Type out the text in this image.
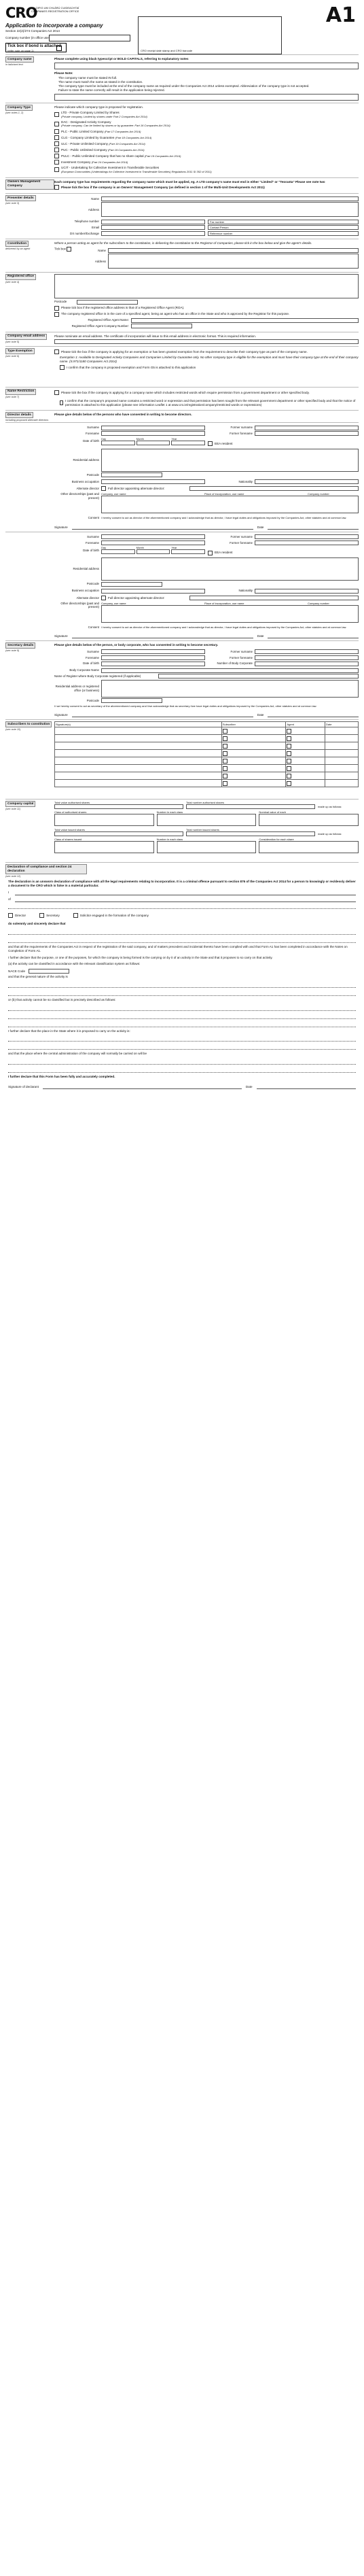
CRO
AN OIFIG UM CHLÁRÚ CUIDEACHTAÍ
COMPANIES REGISTRATION OFFICE	A1
Application to incorporate a company
Section 22(2)/274 Companies Act 2014
Company number (in office use)
Tick box if bond is attached
(refer note on page 1)	CRO receipt date stamp and CRO barcode
Company name
in italicised text

Please complete using black typescript or BOLD CAPITALS, referring to explanatory notes

Please Note:

The company name must be stated IN full.
The name must match the name as stated in the constitution.
The company type must be included at the end of the company name as required under the Companies Act 2014 unless exempted. Abbreviation of the company type is not accepted.
Failure to state the name correctly will result in the application being rejected.
Company Type
(see notes 1, 2)

Please indicate which company type is proposed for registration.

LTD - Private Company Limited by Shares
(Private company, Limited by shares under Part 2 Companies Act 2014)
DAC - Designated Activity Company
(Private company. Can be limited by shares or by guarantee: Part 16 Companies Act 2014)
PLC - Public Limited Company
(Part 17 Companies Act 2014)
CLG - Company Limited by Guarantee
(Part 18 Companies Act 2014)
ULC - Private Unlimited Company
(Part 19 Companies Act 2014)
PUC - Public Unlimited Company
(Part 19 Companies Act 2014)
PULC - Public Unlimited Company that has no share capital
(Part 19 Companies Act 2014)
Investment Company
(Part 24 Companies Act 2014)
UCIT - Undertaking for Collective Investment in Transferable Securities
(European Communities (Undertakings for Collective Investment in Transferable Securities) Regulations 2011 SI 352 of 2011)
Owners Management Company

Each company type has requirements regarding the company name which must be applied, eg. A LTD company's name must end in either "Limited" or "Teoranta" Please see note two

Please tick the box if the company is an Owners' Management Company (as defined in section 1 of the Multi-Unit Developments Act 2011)
Presenter details
(see note 3)
Name
Address
Telephone number
Email
DX number/Exchange
Fax number
Contact Person
Reference number
Constitution
delivered by an agent

Where a person acting as agent for the subscribers to the constitution, is delivering the constitution to the Registrar of Companies, please tick in the box below and give the agent's details.

Tick box	Name
Address
Registered office
(see note 4)
Postcode
Please tick box if the registered office address is that of a Registered Office Agent (ROA).
The company registered office is in the care of a specified agent, being an agent who has an office in the State and who is approved by the Registrar for this purpose.
Registered Office Agent Name:
Registered Office Agent Company Number:
Company email address
(see note 5)

Please nominate an email address. The certificate of incorporation will issue to this email address in electronic format. This is required information.

Type Exemption
(see note 6)
Please tick the box if the company is applying for an exemption or has been granted exemption from the requirement to describe their company type as part of the company name.

Exemption 1: Available to Designated Activity Companies and Companies Limited by Guarantee only. No other company type is eligible for the exemption and must have their company type at the end of their company name. (S.971/1180 Companies Act 2014)

I confirm that the company is proposed exemption and Form G5 is attached to this application
Name Restriction
(see note 7)
Please tick the box if the company is applying for a company name which includes restricted words which require permission from a government department or other specified body.
I confirm that the company's proposed name contains a restricted word or expression and that permission has been sought from the relevant government department or other specified body and that the notice of permission is attached to this application (please see information Leaflet 1 at www.cro.ie/registration/company/restricted words or expressions)
Director details
including proposed alternate directors

Please give details below of the persons who have consented in writing to become directors.

Surname
Forename
Date of birth
Day	Month	Year
Former surname
Former forename
EEA resident
Residential address
Postcode
Business occupation	Nationality
Alternate director	Full director appointing alternate director:
Other directorships (past and present)
Company, use name	Place of incorporation, use name	Company number
Consent I hereby consent to act as director of the aforementioned company and I acknowledge that as director, I have legal duties and obligations imposed by the Companies Act, other statutes and at common law.
Signature	Date
Surname
Forename
Date of birth
Day	Month	Year
Former surname
Former forename
EEA resident
Residential address
Postcode
Business occupation	Nationality
Alternate director	Full director appointing alternate director:
Other directorships (past and present)
Company, use name	Place of incorporation, use name	Company number
Consent I hereby consent to act as director of the aforementioned company and I acknowledge that as director, I have legal duties and obligations imposed by the Companies Act, other statutes and at common law.
Signature	Date
Secretary details
(see note 9)

Please give details below of the person, or body corporate, who has consented in writing to become secretary.

Surname
Forename
Date of birth
Former surname
Former forename
Number of Body Corporate
Body Corporate Name
Name of Register where Body Corporate registered (if applicable)
Residential address or registered office (or business)
Postcode

I/ we hereby consent to act as secretary of the aforementioned company and I/we acknowledge that as secretary I/we have legal duties and obligations imposed by the Companies Act, other statutes and at common law.

Signature	Date
Subscribers to constitution
(see note 10)
Signature(s)	Subscriber	Agent	Date

Company capital
(see note 11)
Total value authorised shares	Total number authorised shares
made up as follows:
Class of authorised shares	Number in each class	Nominal value of each
Total value issued shares	Total number issued shares
made up as follows:
Class of shares issued	Number in each class	Consideration for each share
Declaration of compliance and section 24 declaration
(see note 12)

The declaration is an unsworn declaration of compliance with all the legal requirements relating to incorporation. It is a criminal offence pursuant to section 876 of the Companies Act 2014 for a person to knowingly or recklessly deliver a document to the CRO which is false in a material particular.

I
of
Director	Secretary	Solicitor engaged in the formation of the company

do solemnly and sincerely declare that

and that all the requirements of the Companies Act in respect of the registration of the said company, and of matters precedent and incidental thereto have been complied with and that Form A1 has been completed in accordance with the Notes on Completion of Form A1.

I further declare that the purpose, or one of the purposes, for which the company is being formed is the carrying on by it of an activity in the State and that it proposes to so carry on that activity.

(a) the activity can be classified in accordance with the relevant classification system as follows:

NACE Code

and that the general nature of the activity is

or (b) that activity cannot be so classified but is precisely described as follows:

I further declare that the place in the State where it is proposed to carry on the activity is:

and that the place where the central administration of the company will normally be carried on will be

I further declare that this Form has been fully and accurately completed.

Signature of declarant	Date
